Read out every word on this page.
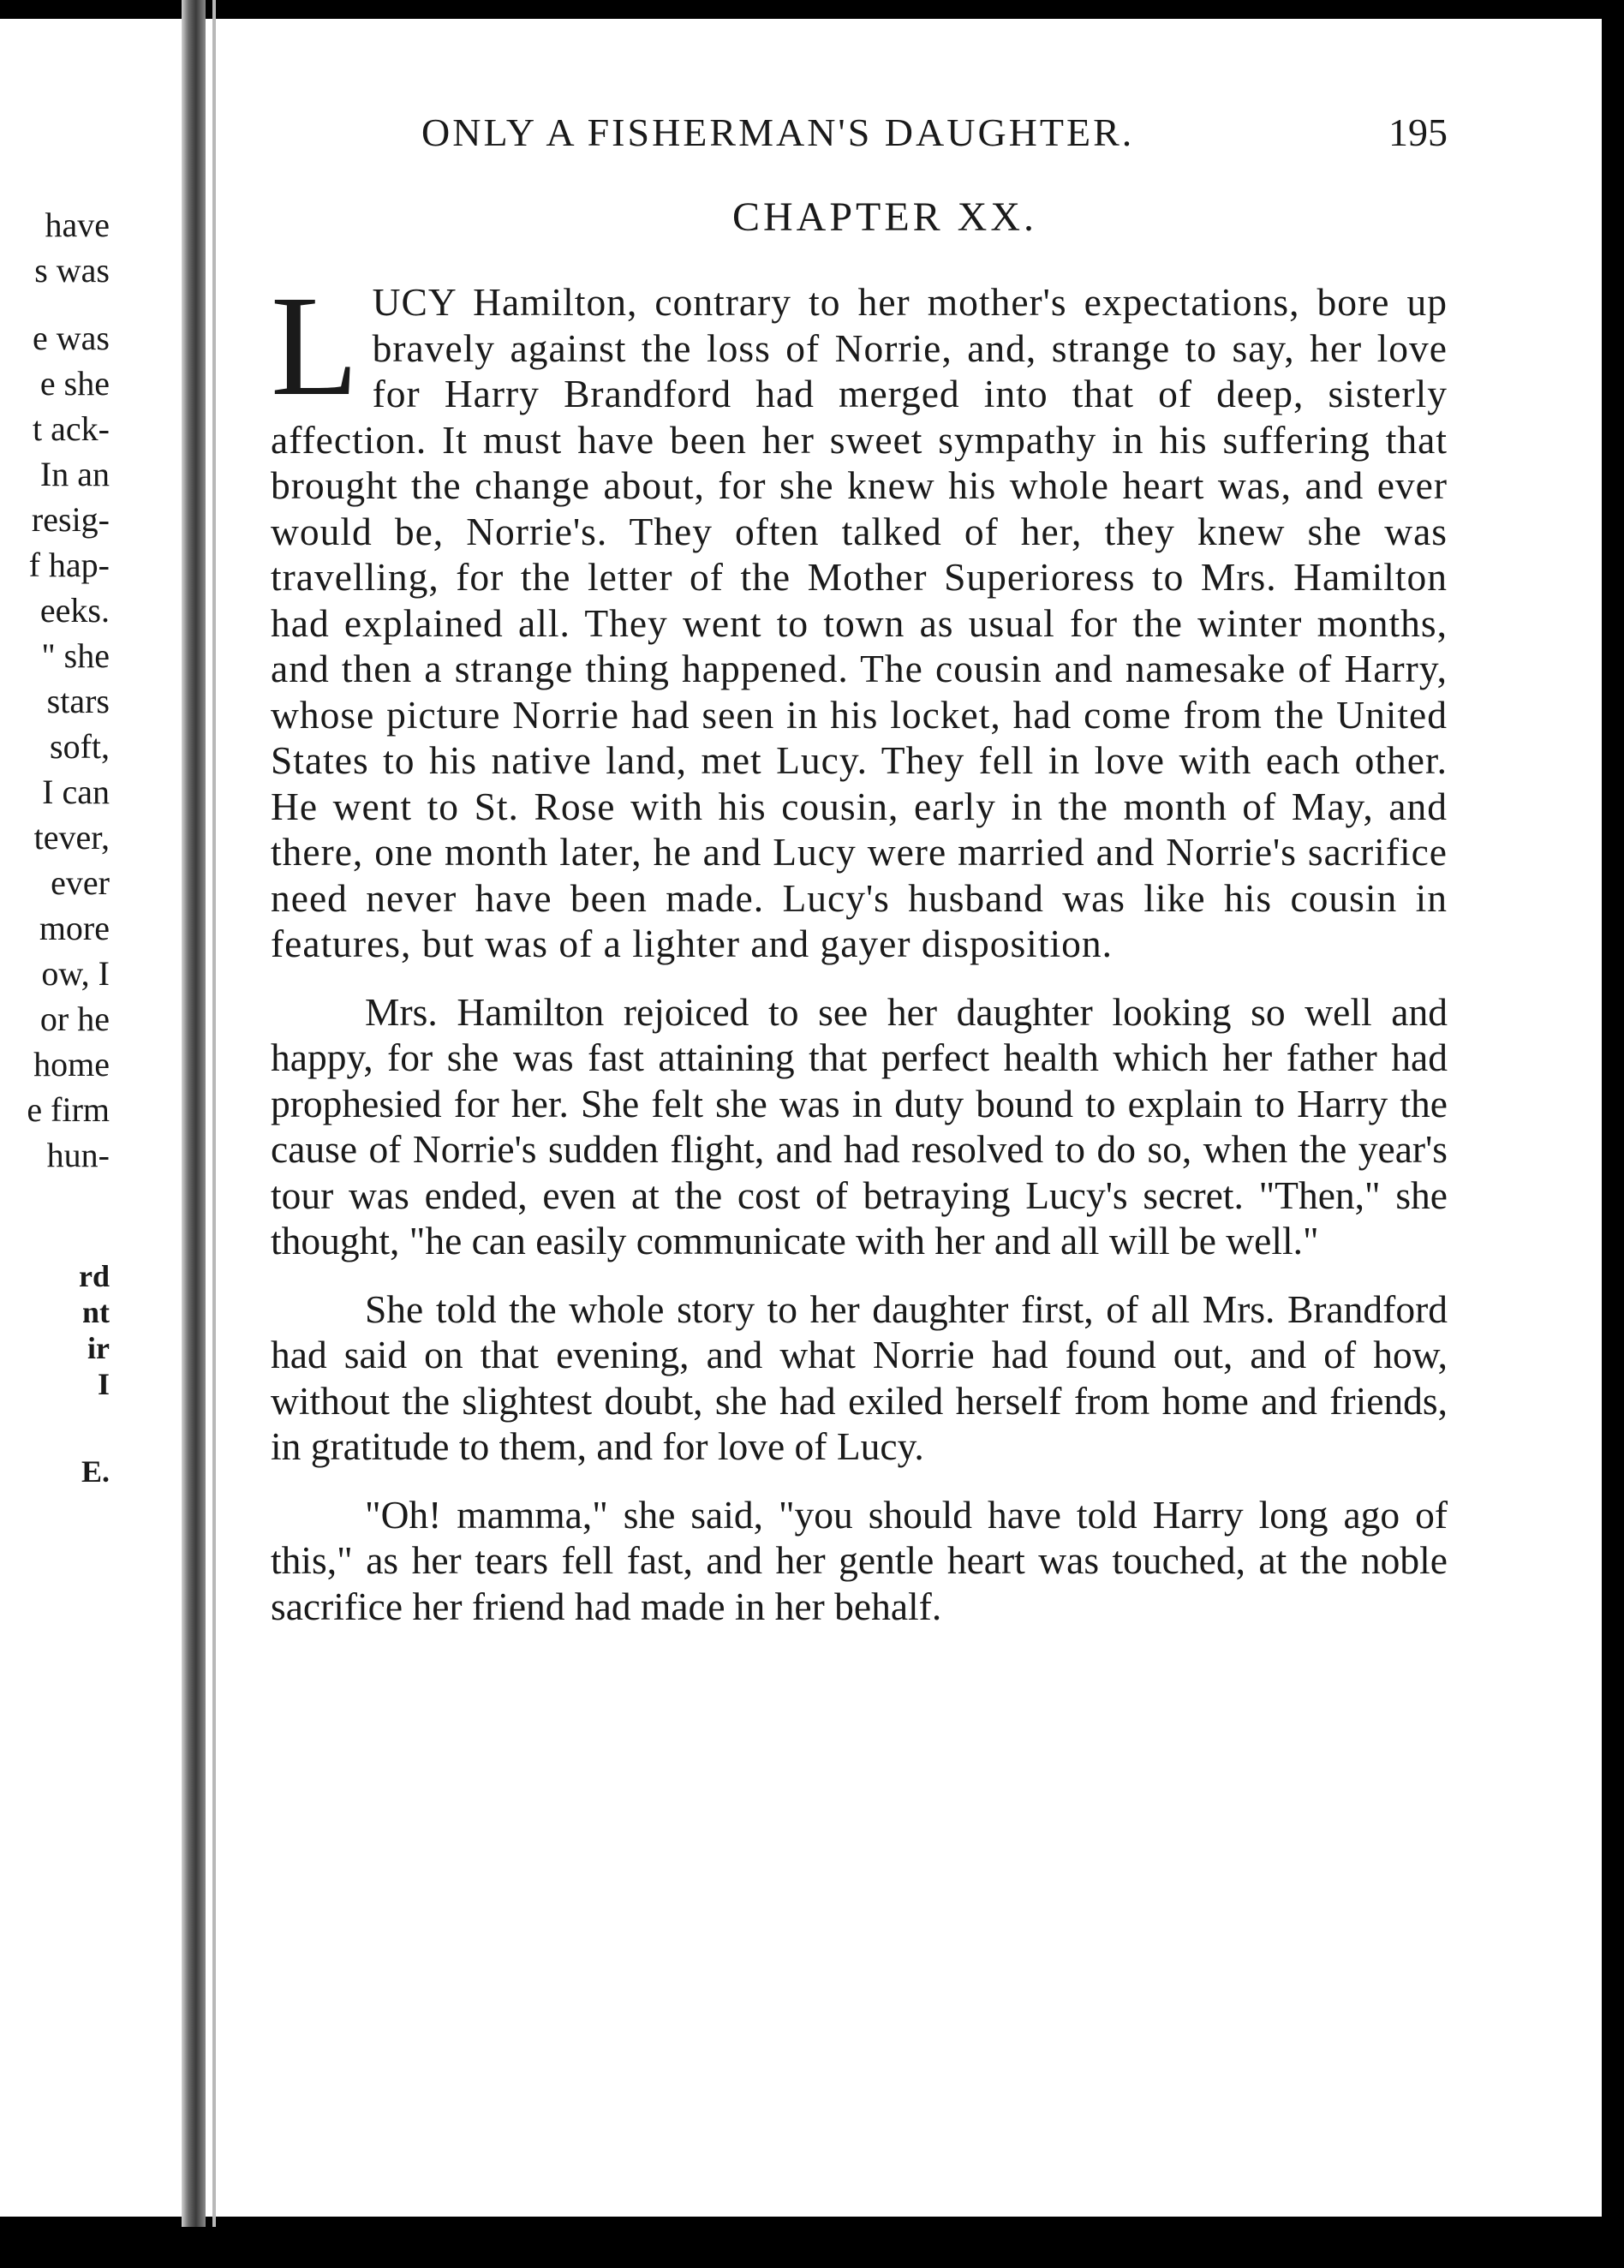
have
s was
e was
e she
t ack-
In an
resig-
f hap-
eeks.
" she
stars
soft,
I can
tever,
ever
more
ow, I
or he
home
e firm
hun-
rd
nt
ir
I
E.
ONLY A FISHERMAN'S DAUGHTER.	195
CHAPTER XX.

LUCY Hamilton, contrary to her mother's expectations, bore up bravely against the loss of Norrie, and, strange to say, her love for Harry Brandford had merged into that of deep, sisterly affection. It must have been her sweet sympathy in his suffering that brought the change about, for she knew his whole heart was, and ever would be, Norrie's. They often talked of her, they knew she was travelling, for the letter of the Mother Superioress to Mrs. Hamilton had explained all. They went to town as usual for the winter months, and then a strange thing happened. The cousin and namesake of Harry, whose picture Norrie had seen in his locket, had come from the United States to his native land, met Lucy. They fell in love with each other. He went to St. Rose with his cousin, early in the month of May, and there, one month later, he and Lucy were married and Norrie's sacrifice need never have been made. Lucy's husband was like his cousin in features, but was of a lighter and gayer disposition.

Mrs. Hamilton rejoiced to see her daughter looking so well and happy, for she was fast attaining that perfect health which her father had prophesied for her. She felt she was in duty bound to explain to Harry the cause of Norrie's sudden flight, and had resolved to do so, when the year's tour was ended, even at the cost of betraying Lucy's secret. "Then," she thought, "he can easily communicate with her and all will be well."

She told the whole story to her daughter first, of all Mrs. Brandford had said on that evening, and what Norrie had found out, and of how, without the slightest doubt, she had exiled herself from home and friends, in gratitude to them, and for love of Lucy.

"Oh! mamma," she said, "you should have told Harry long ago of this," as her tears fell fast, and her gentle heart was touched, at the noble sacrifice her friend had made in her behalf.
